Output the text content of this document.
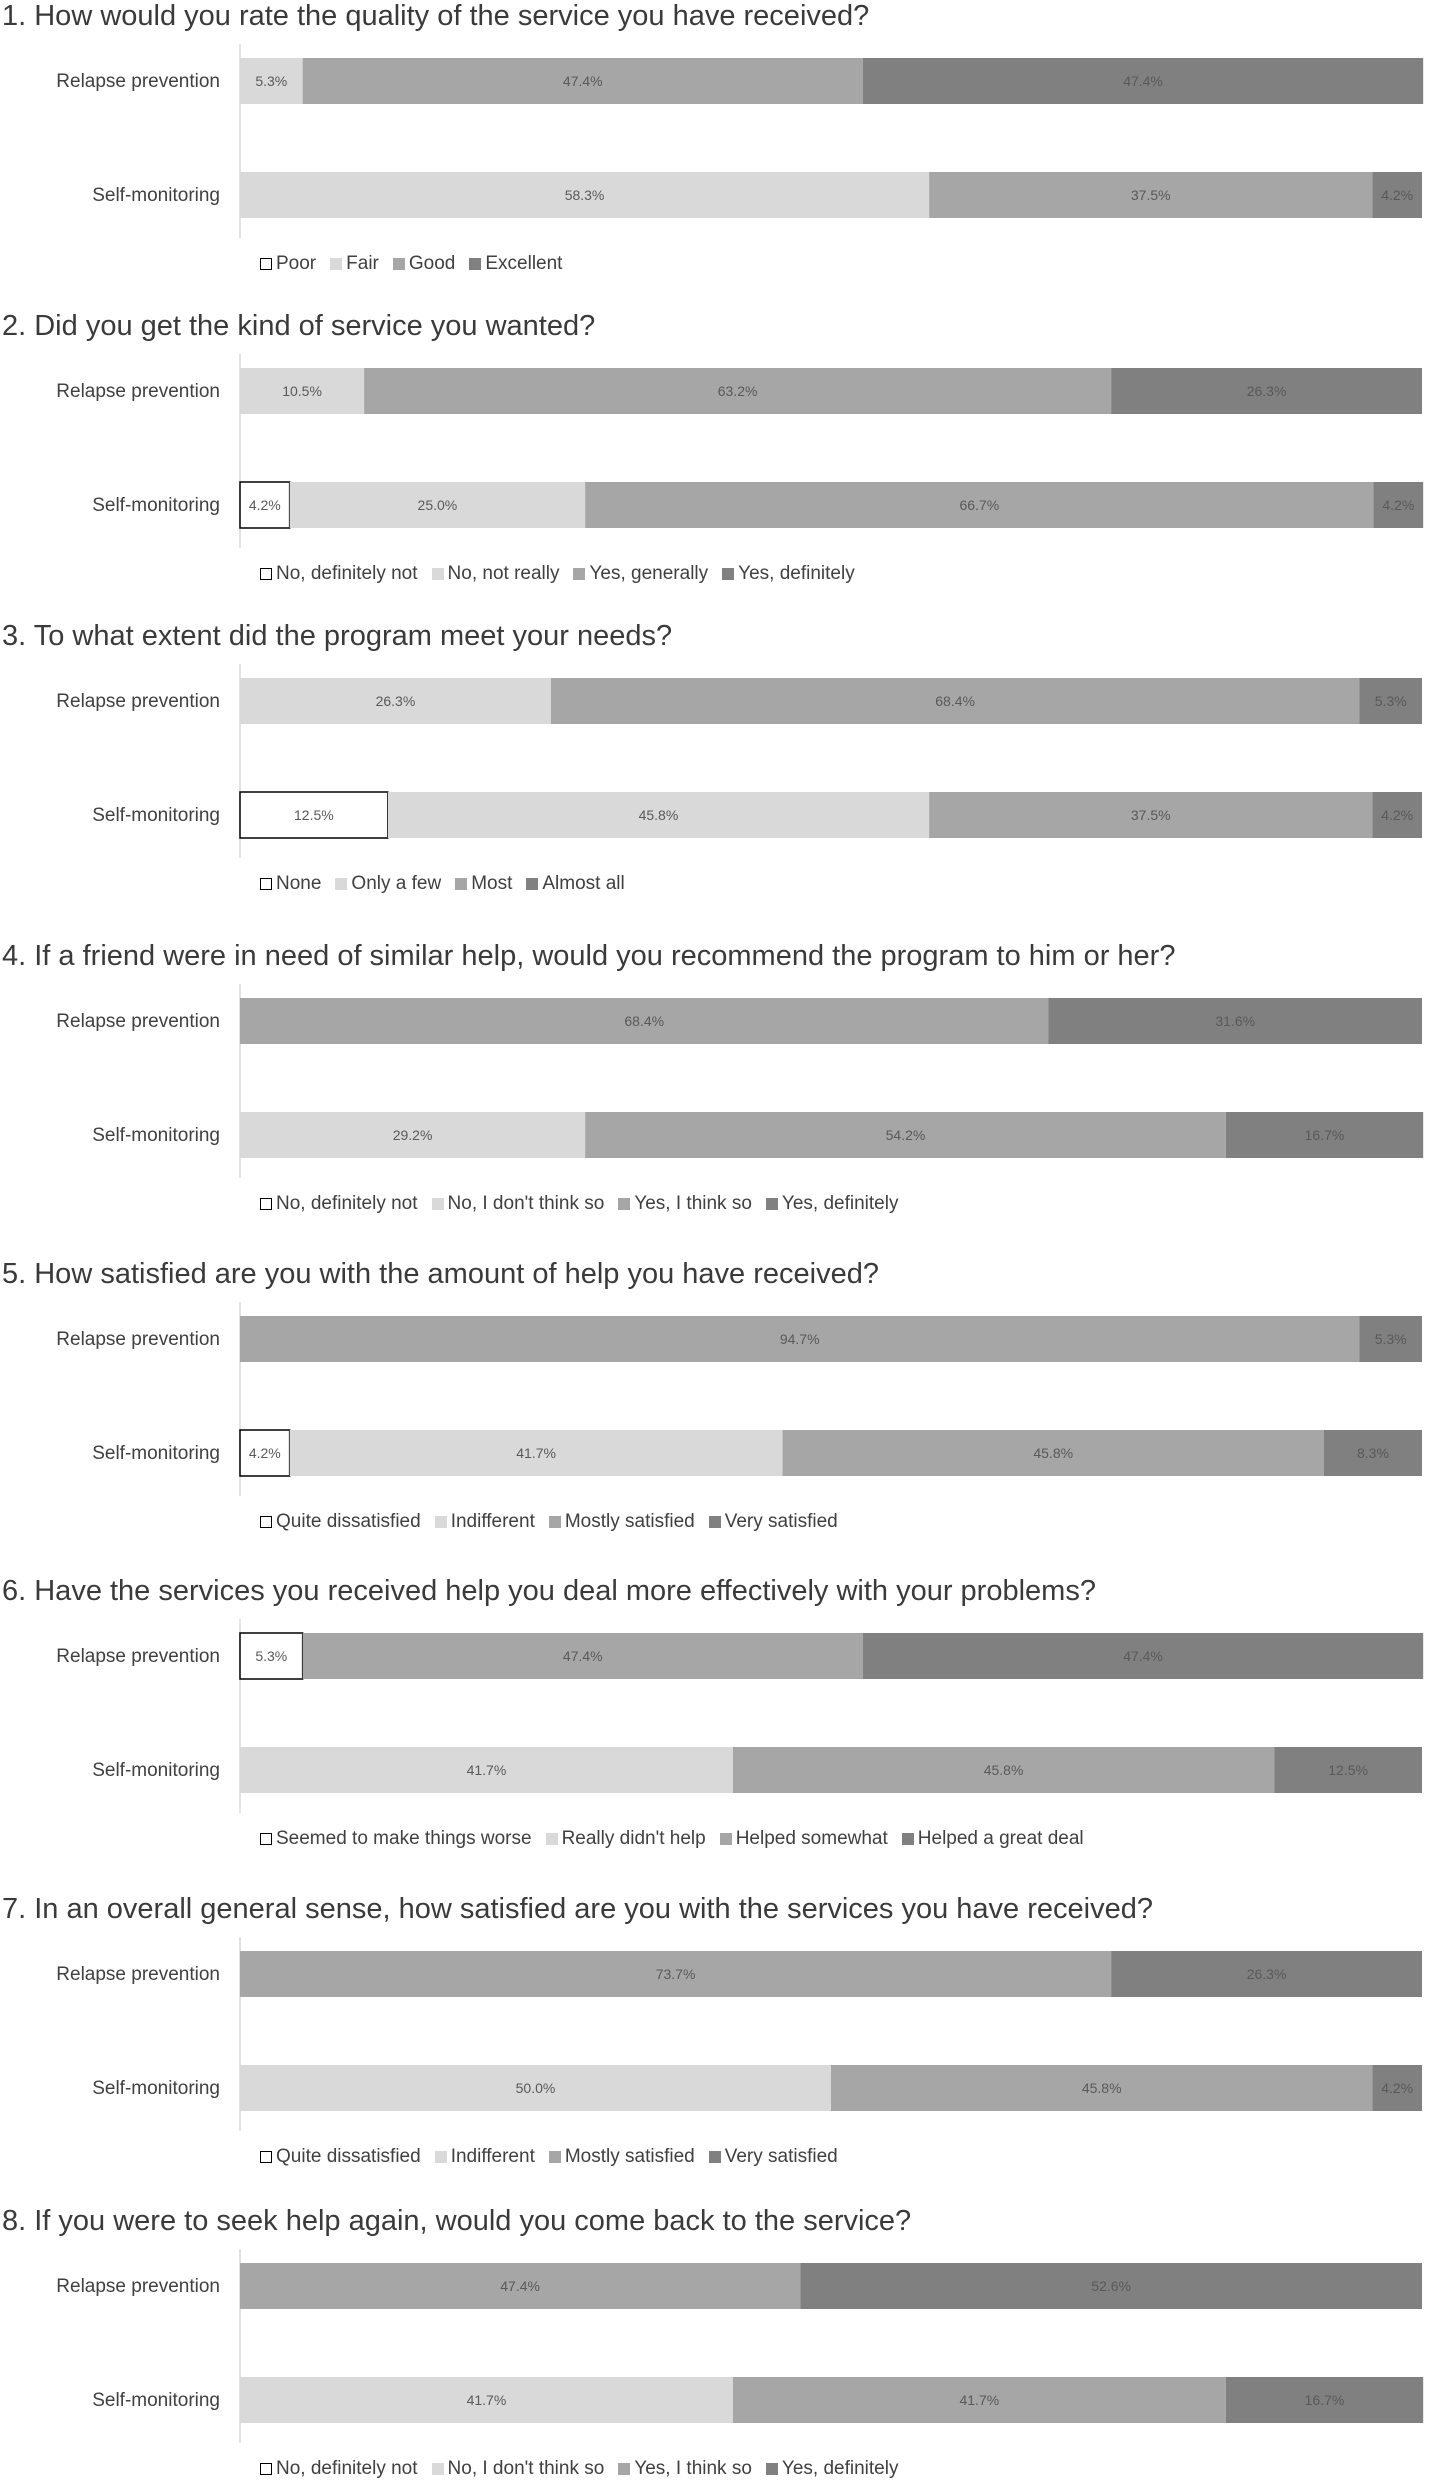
1. How would you rate the quality of the service you have received?
Relapse prevention	5.3%	47.4%	47.4%
Self-monitoring	58.3%	37.5%	4.2%
Poor Fair Good Excellent
2. Did you get the kind of service you wanted?
Relapse prevention	10.5%	63.2%	26.3%
Self-monitoring 4.2%	25.0%	66.7%	4.2%
No, definitely not No, not really Yes, generally Yes, definitely
3. To what extent did the program meet your needs?
Relapse prevention	26.3%	68.4%	5.3%
Self-monitoring	12.5%	45.8%	37.5%	4.2%
None Only a few Most Almost all
4. If a friend were in need of similar help, would you recommend the program to him or her?
Relapse prevention	68.4%	31.6%
Self-monitoring	29.2%	54.2%	16.7%
No, definitely not No, I don't think so Yes, I think so Yes, definitely
5. How satisfied are you with the amount of help you have received?
Relapse prevention	94.7%	5.3%
Self-monitoring 4.2%	41.7%	45.8%	8.3%
Quite dissatisfied Indifferent Mostly satisfied Very satisfied
6. Have the services you received help you deal more effectively with your problems?
Relapse prevention	5.3%	47.4%	47.4%
Self-monitoring	41.7%	45.8%	12.5%
Seemed to make things worse Really didn't help Helped somewhat Helped a great deal
7. In an overall general sense, how satisfied are you with the services you have received?
Relapse prevention	73.7%	26.3%
Self-monitoring	50.0%	45.8%	4.2%
Quite dissatisfied Indifferent Mostly satisfied Very satisfied
8. If you were to seek help again, would you come back to the service?
Relapse prevention	47.4%	52.6%
Self-monitoring	41.7%	41.7%	16.7%
No, definitely not No, I don't think so Yes, I think so Yes, definitely
